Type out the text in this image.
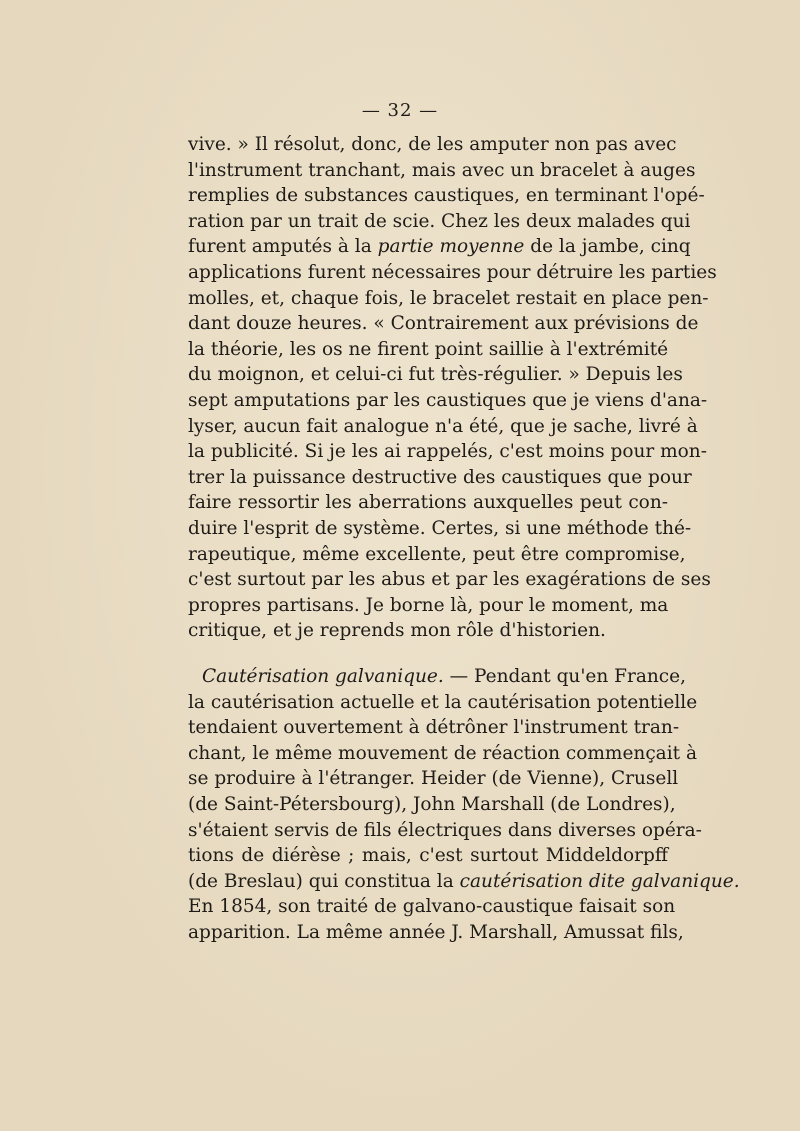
— 32 —
vive. » Il résolut, donc, de les amputer non pas avec
l'instrument tranchant, mais avec un bracelet à auges
remplies de substances caustiques, en terminant l'opé-
ration par un trait de scie. Chez les deux malades qui
furent amputés à la partie moyenne de la jambe, cinq
applications furent nécessaires pour détruire les parties
molles, et, chaque fois, le bracelet restait en place pen-
dant douze heures. « Contrairement aux prévisions de
la théorie, les os ne firent point saillie à l'extrémité
du moignon, et celui-ci fut très-régulier. » Depuis les
sept amputations par les caustiques que je viens d'ana-
lyser, aucun fait analogue n'a été, que je sache, livré à
la publicité. Si je les ai rappelés, c'est moins pour mon-
trer la puissance destructive des caustiques que pour
faire ressortir les aberrations auxquelles peut con-
duire l'esprit de système. Certes, si une méthode thé-
rapeutique, même excellente, peut être compromise,
c'est surtout par les abus et par les exagérations de ses
propres partisans. Je borne là, pour le moment, ma
critique, et je reprends mon rôle d'historien.
Cautérisation galvanique. — Pendant qu'en France,
la cautérisation actuelle et la cautérisation potentielle
tendaient ouvertement à détrôner l'instrument tran-
chant, le même mouvement de réaction commençait à
se produire à l'étranger. Heider (de Vienne), Crusell
(de Saint-Pétersbourg), John Marshall (de Londres),
s'étaient servis de fils électriques dans diverses opéra-
tions de diérèse ; mais, c'est surtout Middeldorpff
(de Breslau) qui constitua la cautérisation dite galvanique.
En 1854, son traité de galvano-caustique faisait son
apparition. La même année J. Marshall, Amussat fils,
